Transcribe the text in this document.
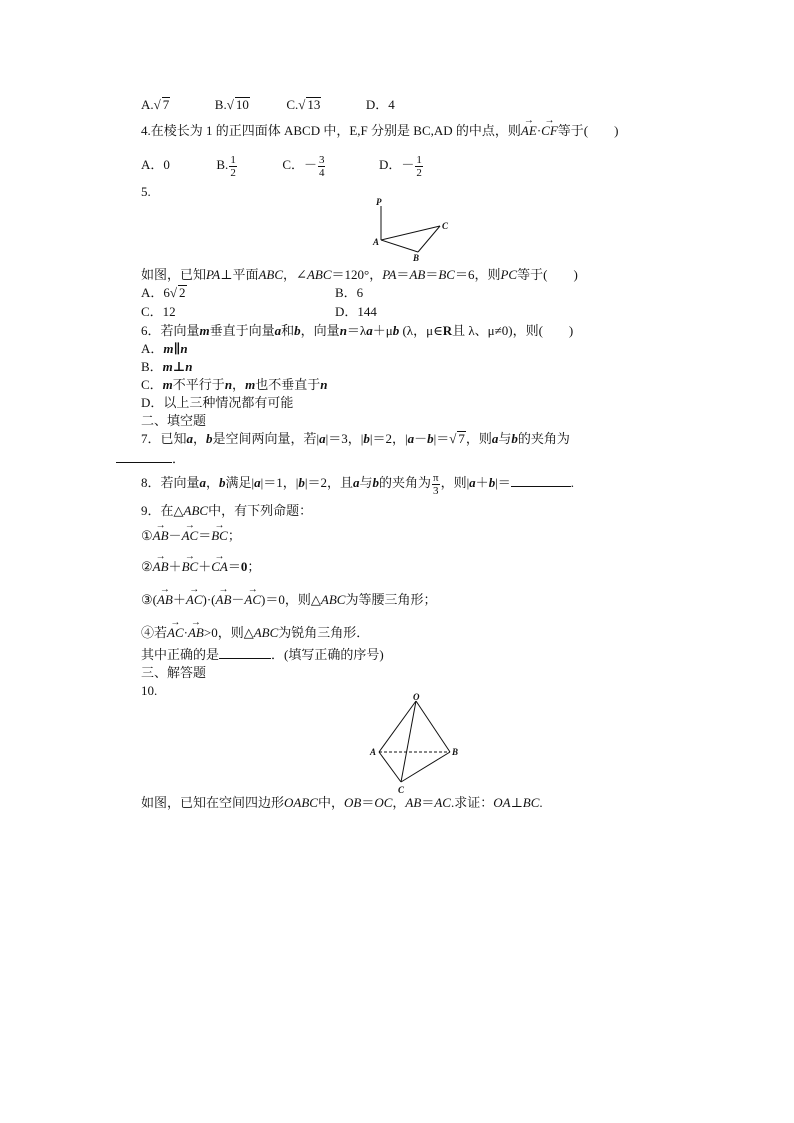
A.√ 7	B.√ 10	C.√ 13	D．4
4.在棱长为 1 的正四面体 ABCD 中，E,F 分别是 BC,AD 的中点，则→ AE·→ CF等于(　　)
A．0	B. $\frac{1}{2}$	C．－ $\frac{3}{4}$	D．－ $\frac{1}{2}$
5.
P
A
B
C
如图，已知PA⊥平面ABC，∠ABC＝120°，PA＝AB＝BC＝6，则PC等于(　　)
A．6√ 2	B．6
C．12	D．144
6．若向量m垂直于向量a和b，向量n＝λa＋μb (λ，μ∈R且 λ、μ≠0)，则(　　)
A．m∥n
B．m⊥n
C．m不平行于n，m也不垂直于n
D．以上三种情况都有可能
二、填空题
7．已知a，b是空间两向量，若|a|＝3，|b|＝2，|a－b|＝√ 7，则a与b的夹角为
．
8．若向量a，b满足|a|＝1，|b|＝2，且a与b的夹角为 $\frac{\pi}{3}$ ，则|a＋b|＝	.
9．在△ABC中，有下列命题：
①→ AB－→ AC＝→ BC；
②→ AB＋→ BC＋→ CA＝0；
③(→ AB＋→ AC)·(→ AB－→ AC)＝0，则△ABC为等腰三角形；
④若→ AC·→ AB>0，则△ABC为锐角三角形．
其中正确的是	．(填写正确的序号)
三、解答题
10.	O
A	B
C
如图，已知在空间四边形OABC中，OB＝OC，AB＝AC.求证：OA⊥BC.
